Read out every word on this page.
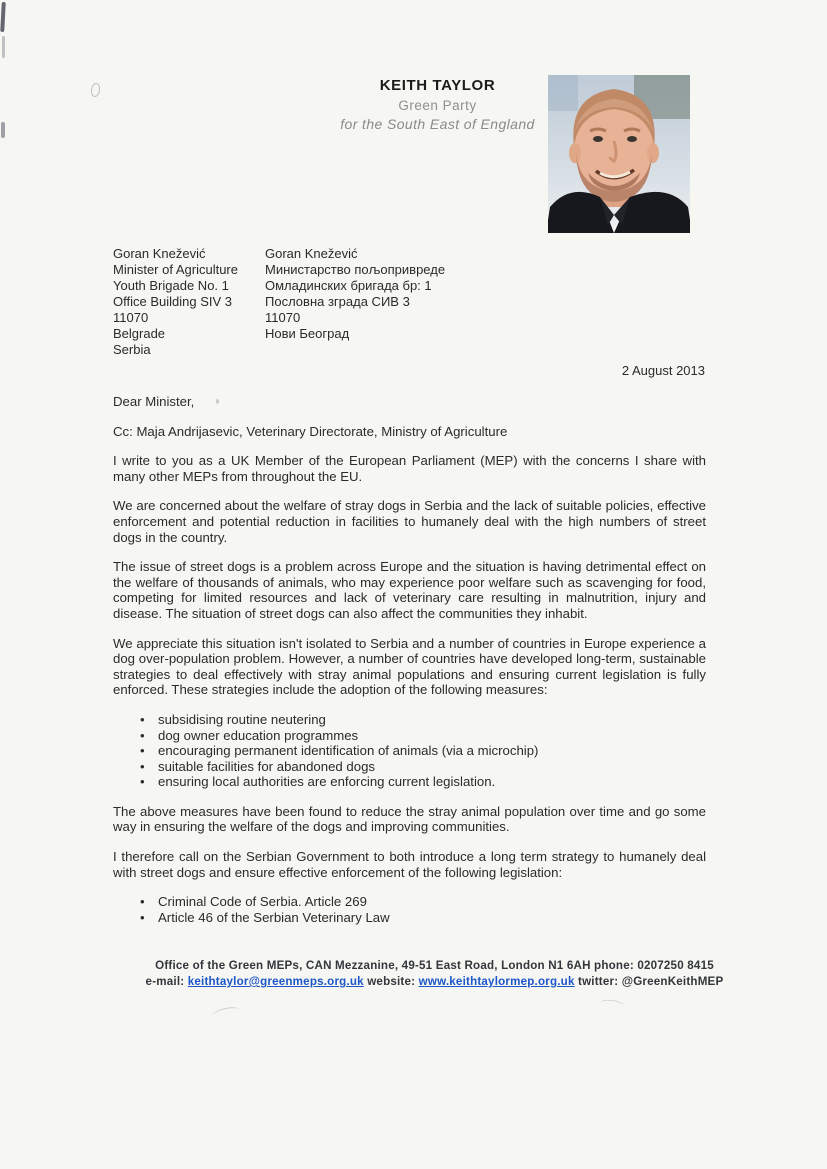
KEITH TAYLOR
Green Party
for the South East of England
Goran Knežević
Minister of Agriculture
Youth Brigade No. 1
Office Building SIV 3
11070
Belgrade
Serbia
Goran Knežević
Министарство пољопривреде
Омладинских бригада бр: 1
Пословна зграда СИВ 3
11070
Нови Београд
2 August 2013

Dear Minister,

Cc: Maja Andrijasevic, Veterinary Directorate, Ministry of Agriculture

I write to you as a UK Member of the European Parliament (MEP) with the concerns I share with many other MEPs from throughout the EU.

We are concerned about the welfare of stray dogs in Serbia and the lack of suitable policies, effective enforcement and potential reduction in facilities to humanely deal with the high numbers of street dogs in the country.

The issue of street dogs is a problem across Europe and the situation is having detrimental effect on the welfare of thousands of animals, who may experience poor welfare such as scavenging for food, competing for limited resources and lack of veterinary care resulting in malnutrition, injury and disease. The situation of street dogs can also affect the communities they inhabit.

We appreciate this situation isn't isolated to Serbia and a number of countries in Europe experience a dog over-population problem. However, a number of countries have developed long-term, sustainable strategies to deal effectively with stray animal populations and ensuring current legislation is fully enforced. These strategies include the adoption of the following measures:

• subsidising routine neutering
• dog owner education programmes
• encouraging permanent identification of animals (via a microchip)
• suitable facilities for abandoned dogs
• ensuring local authorities are enforcing current legislation.

The above measures have been found to reduce the stray animal population over time and go some way in ensuring the welfare of the dogs and improving communities.

I therefore call on the Serbian Government to both introduce a long term strategy to humanely deal with street dogs and ensure effective enforcement of the following legislation:

• Criminal Code of Serbia. Article 269
• Article 46 of the Serbian Veterinary Law
Office of the Green MEPs, CAN Mezzanine, 49-51 East Road, London N1 6AH phone: 0207250 8415
e-mail: keithtaylor@greenmeps.org.uk website: www.keithtaylormep.org.uk twitter: @GreenKeithMEP
